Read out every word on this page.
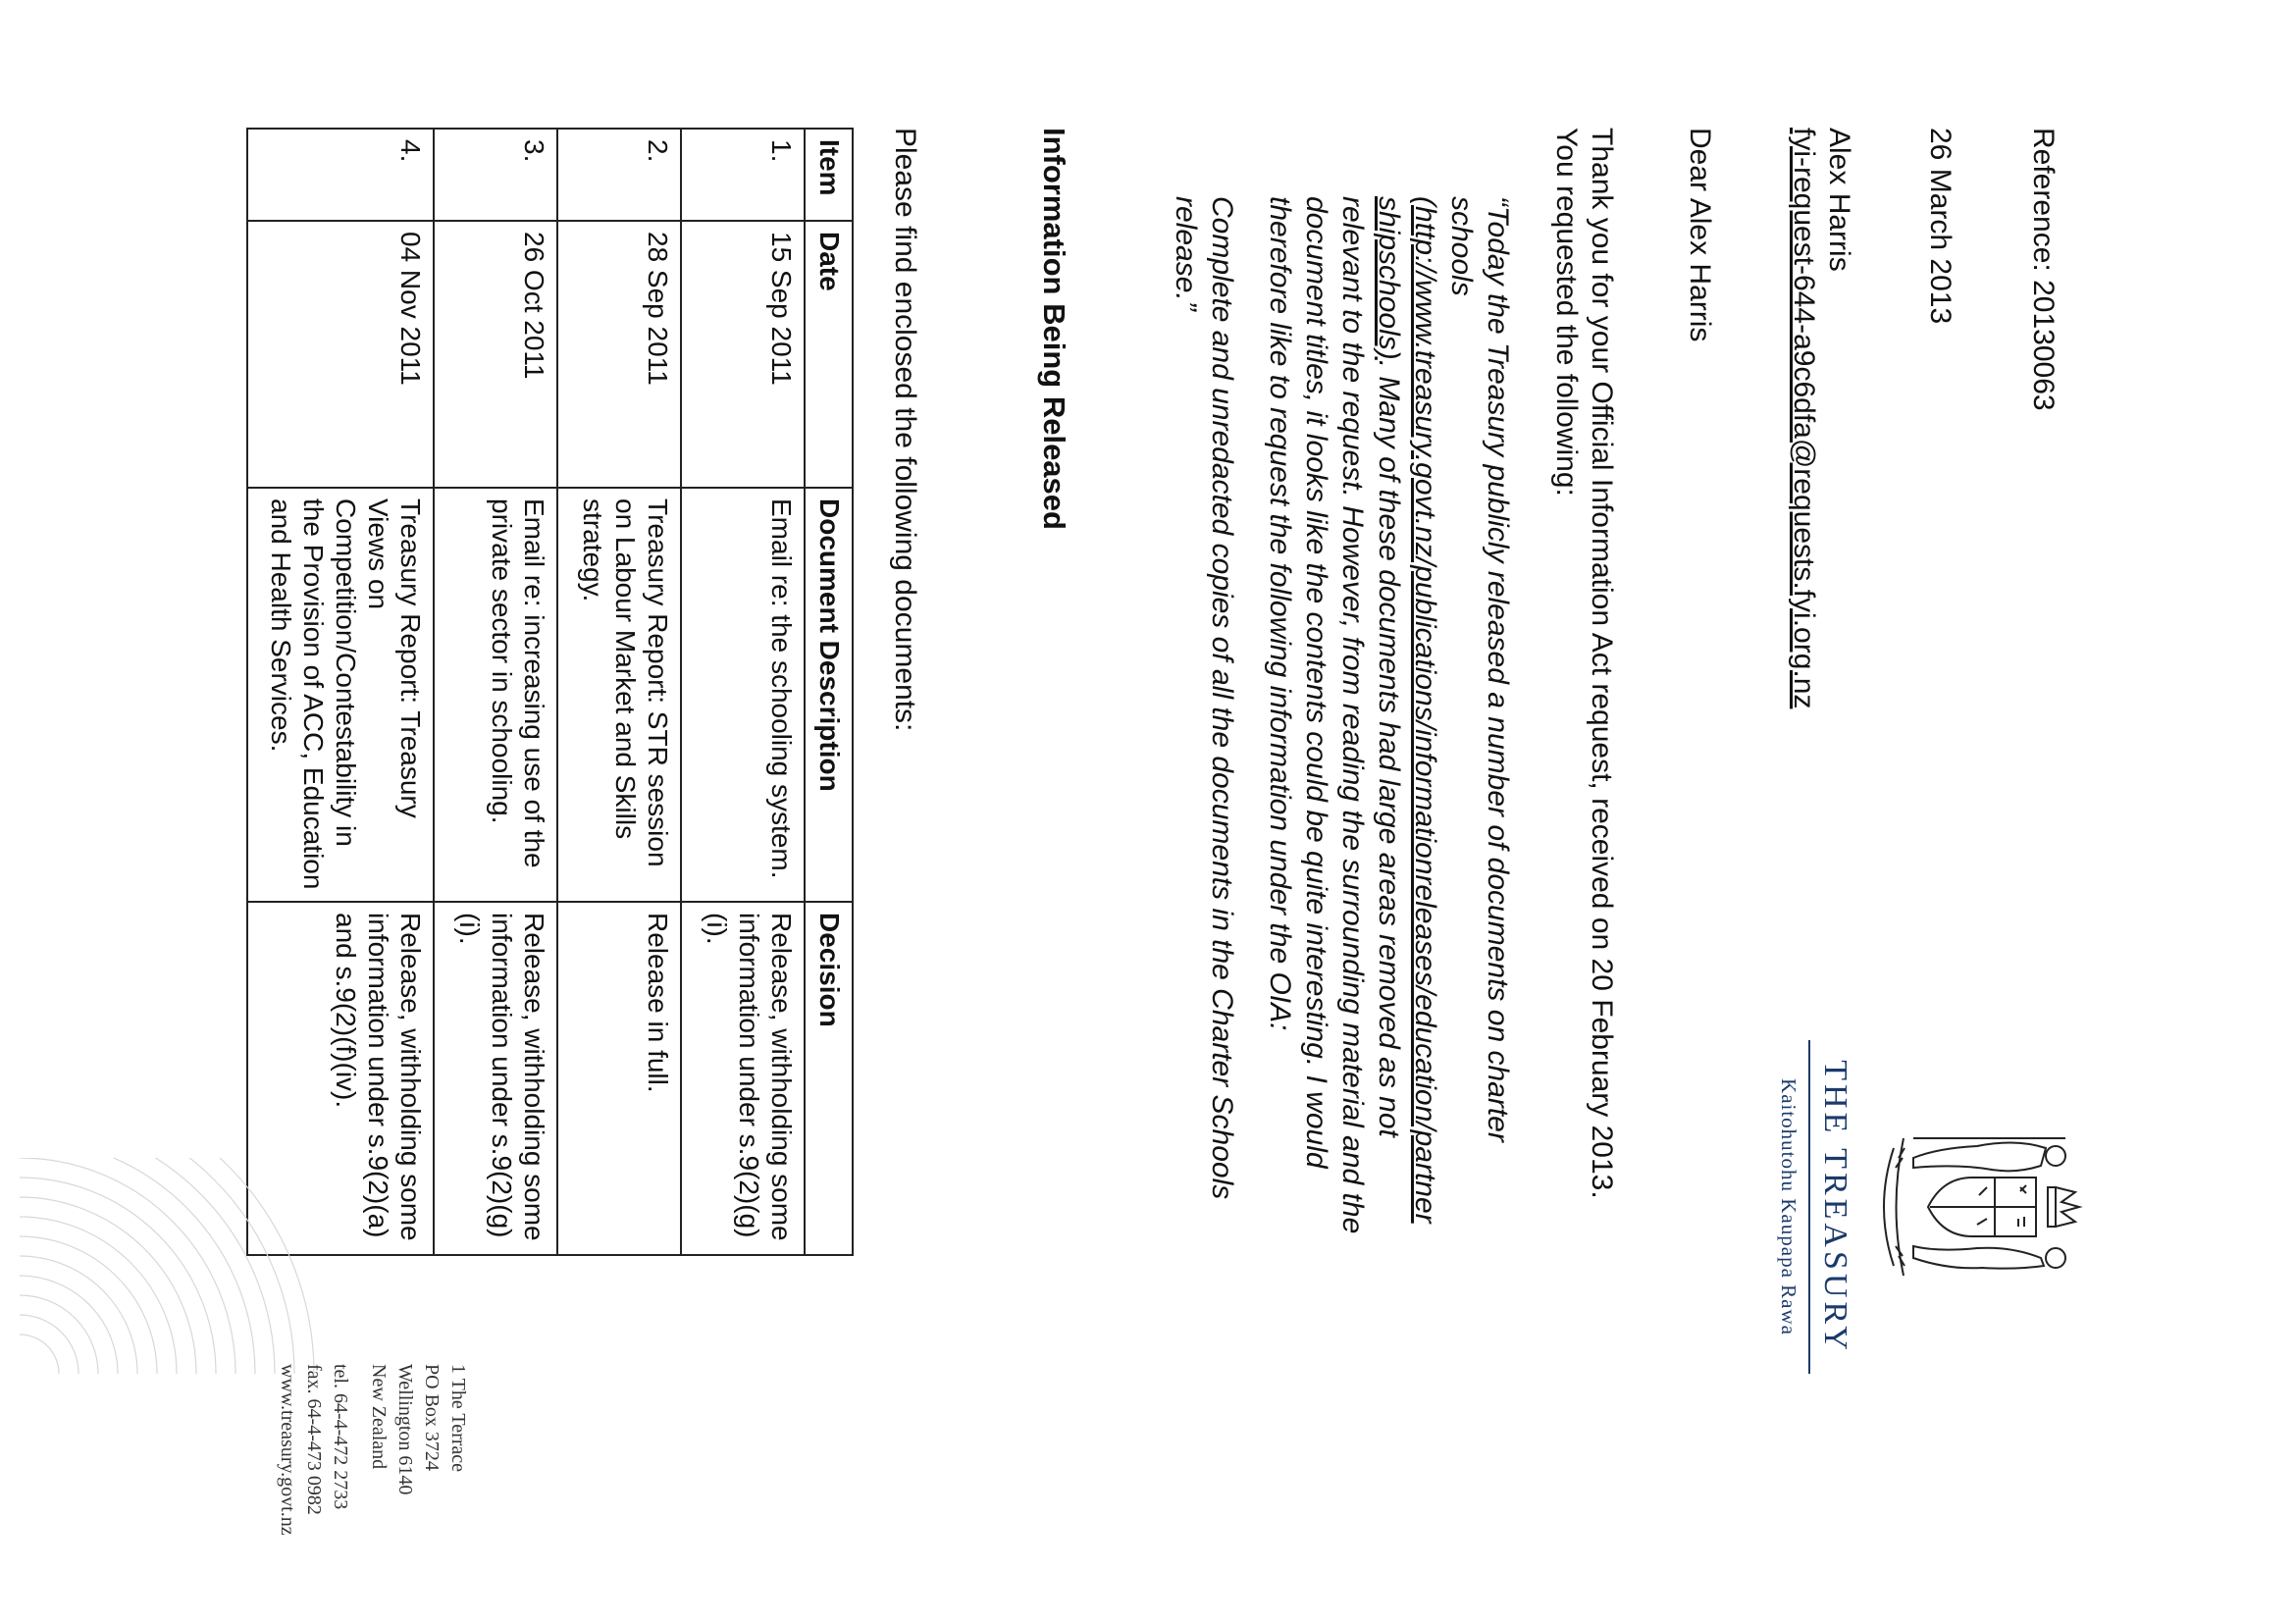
THE TREASURY
Kaitohutohu Kaupapa Rawa
Reference: 20130063
26 March 2013
Alex Harris
fyi-request-644-a9c6dfa@requests.fyi.org.nz
Dear Alex Harris
Thank you for your Official Information Act request, received on 20 February 2013.
You requested the following:
“Today the Treasury publicly released a number of documents on charter
schools
(http://www.treasury.govt.nz/publications/informationreleases/education/partner
shipschools). Many of these documents had large areas removed as not
relevant to the request. However, from reading the surrounding material and the
document titles, it looks like the contents could be quite interesting. I would
therefore like to request the following information under the OIA:
Complete and unredacted copies of all the documents in the Charter Schools
release.”
Information Being Released
Please find enclosed the following documents:
Item	Date	Document Description	Decision
1.	15 Sep 2011	Email re: the schooling system.	Release, withholding some information under s.9(2)(g)(i).
2.	28 Sep 2011	Treasury Report: STR session on Labour Market and Skills strategy.	Release in full.
3.	26 Oct 2011	Email re: increasing use of the private sector in schooling.	Release, withholding some information under s.9(2)(g)(i).
4.	04 Nov 2011	Treasury Report: Treasury Views on Competition/Contestability in the Provision of ACC, Education and Health Services.	Release, withholding some information under s.9(2)(a) and s.9(2)(f)(iv).
1 The Terrace
PO Box 3724
Wellington 6140
New Zealand
tel. 64-4-472 2733
fax. 64-4-473 0982
www.treasury.govt.nz
